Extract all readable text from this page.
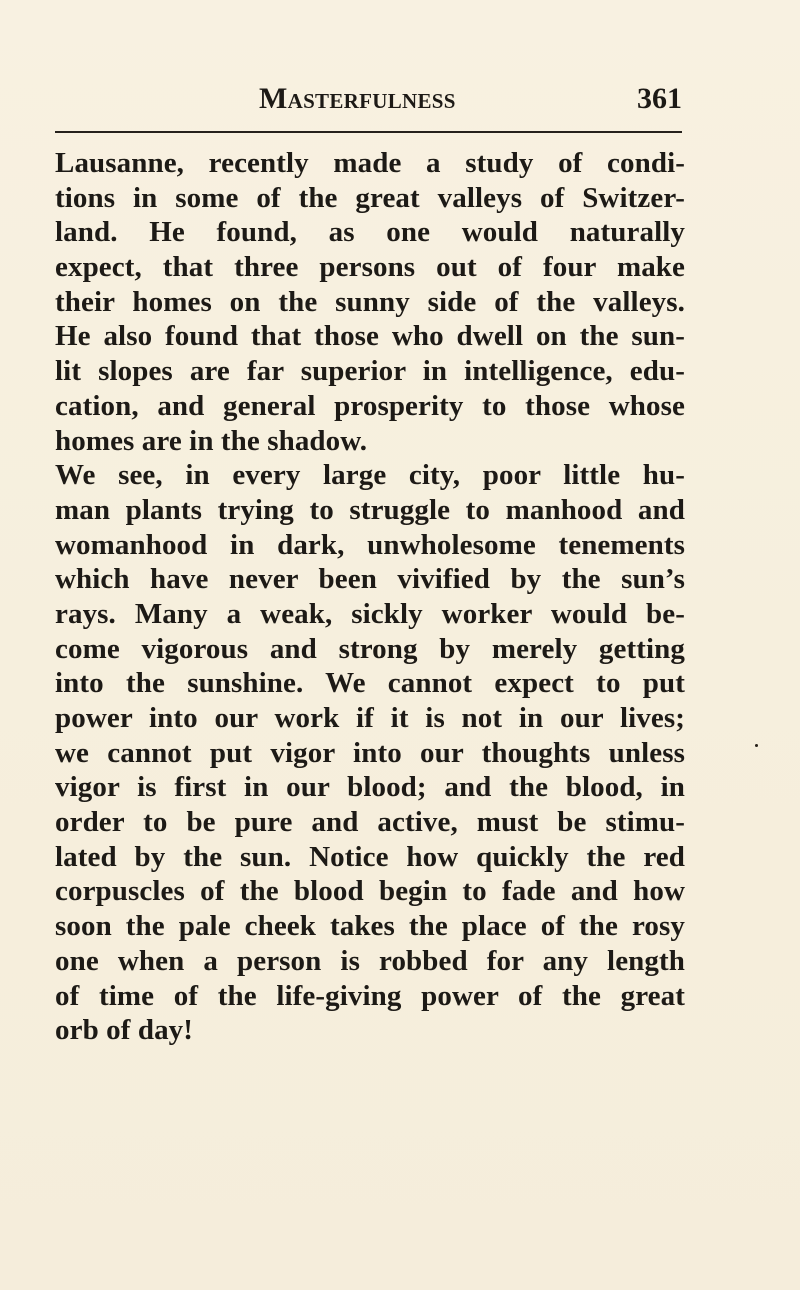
Masterfulness	361
Lausanne, recently made a study of condi-
tions in some of the great valleys of Switzer-
land. He found, as one would naturally
expect, that three persons out of four make
their homes on the sunny side of the valleys.
He also found that those who dwell on the sun-
lit slopes are far superior in intelligence, edu-
cation, and general prosperity to those whose
homes are in the shadow.
We see, in every large city, poor little hu-
man plants trying to struggle to manhood and
womanhood in dark, unwholesome tenements
which have never been vivified by the sun’s
rays. Many a weak, sickly worker would be-
come vigorous and strong by merely getting
into the sunshine. We cannot expect to put
power into our work if it is not in our lives;
we cannot put vigor into our thoughts unless
vigor is first in our blood; and the blood, in
order to be pure and active, must be stimu-
lated by the sun. Notice how quickly the red
corpuscles of the blood begin to fade and how
soon the pale cheek takes the place of the rosy
one when a person is robbed for any length
of time of the life-giving power of the great
orb of day!
